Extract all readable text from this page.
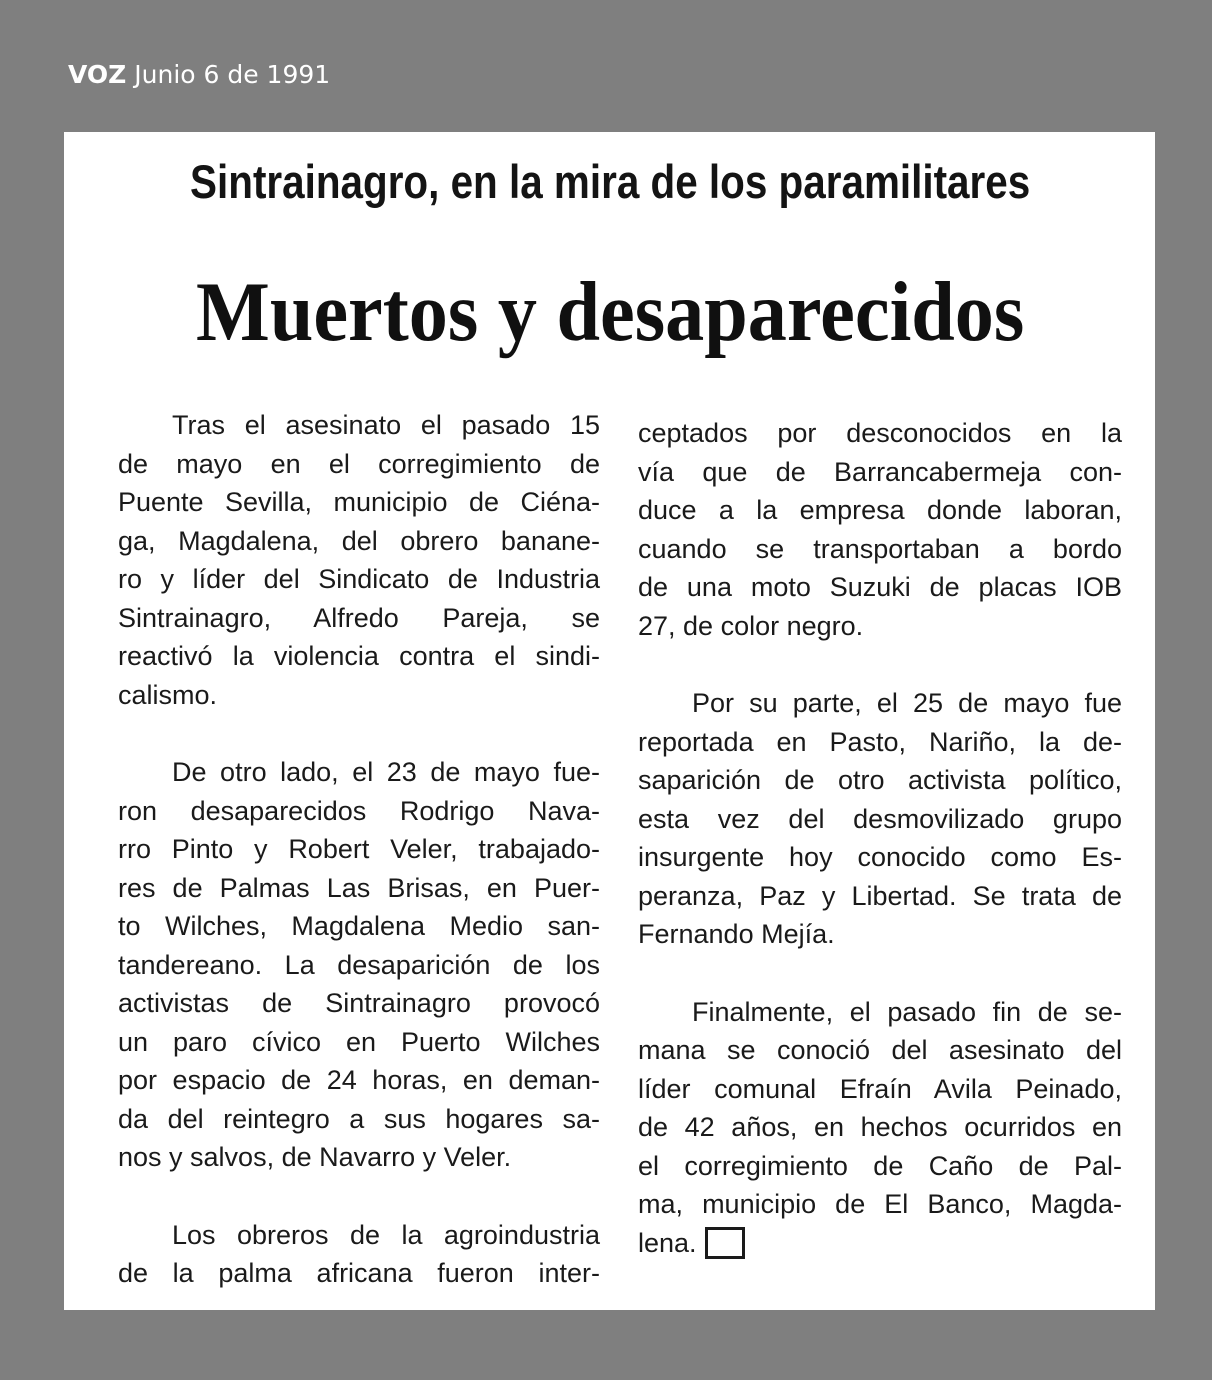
VOZ Junio 6 de 1991
Sintrainagro, en la mira de los paramilitares
Muertos y desaparecidos
Tras el asesinato el pasado 15
de mayo en el corregimiento de
Puente Sevilla, municipio de Ciéna-
ga, Magdalena, del obrero banane-
ro y líder del Sindicato de Industria
Sintrainagro, Alfredo Pareja, se
reactivó la violencia contra el sindi-
calismo.
De otro lado, el 23 de mayo fue-
ron desaparecidos Rodrigo Nava-
rro Pinto y Robert Veler, trabajado-
res de Palmas Las Brisas, en Puer-
to Wilches, Magdalena Medio san-
tandereano. La desaparición de los
activistas de Sintrainagro provocó
un paro cívico en Puerto Wilches
por espacio de 24 horas, en deman-
da del reintegro a sus hogares sa-
nos y salvos, de Navarro y Veler.
Los obreros de la agroindustria
de la palma africana fueron inter-
ceptados por desconocidos en la
vía que de Barrancabermeja con-
duce a la empresa donde laboran,
cuando se transportaban a bordo
de una moto Suzuki de placas IOB
27, de color negro.
Por su parte, el 25 de mayo fue
reportada en Pasto, Nariño, la de-
saparición de otro activista político,
esta vez del desmovilizado grupo
insurgente hoy conocido como Es-
peranza, Paz y Libertad. Se trata de
Fernando Mejía.
Finalmente, el pasado fin de se-
mana se conoció del asesinato del
líder comunal Efraín Avila Peinado,
de 42 años, en hechos ocurridos en
el corregimiento de Caño de Pal-
ma, municipio de El Banco, Magda-
lena.
